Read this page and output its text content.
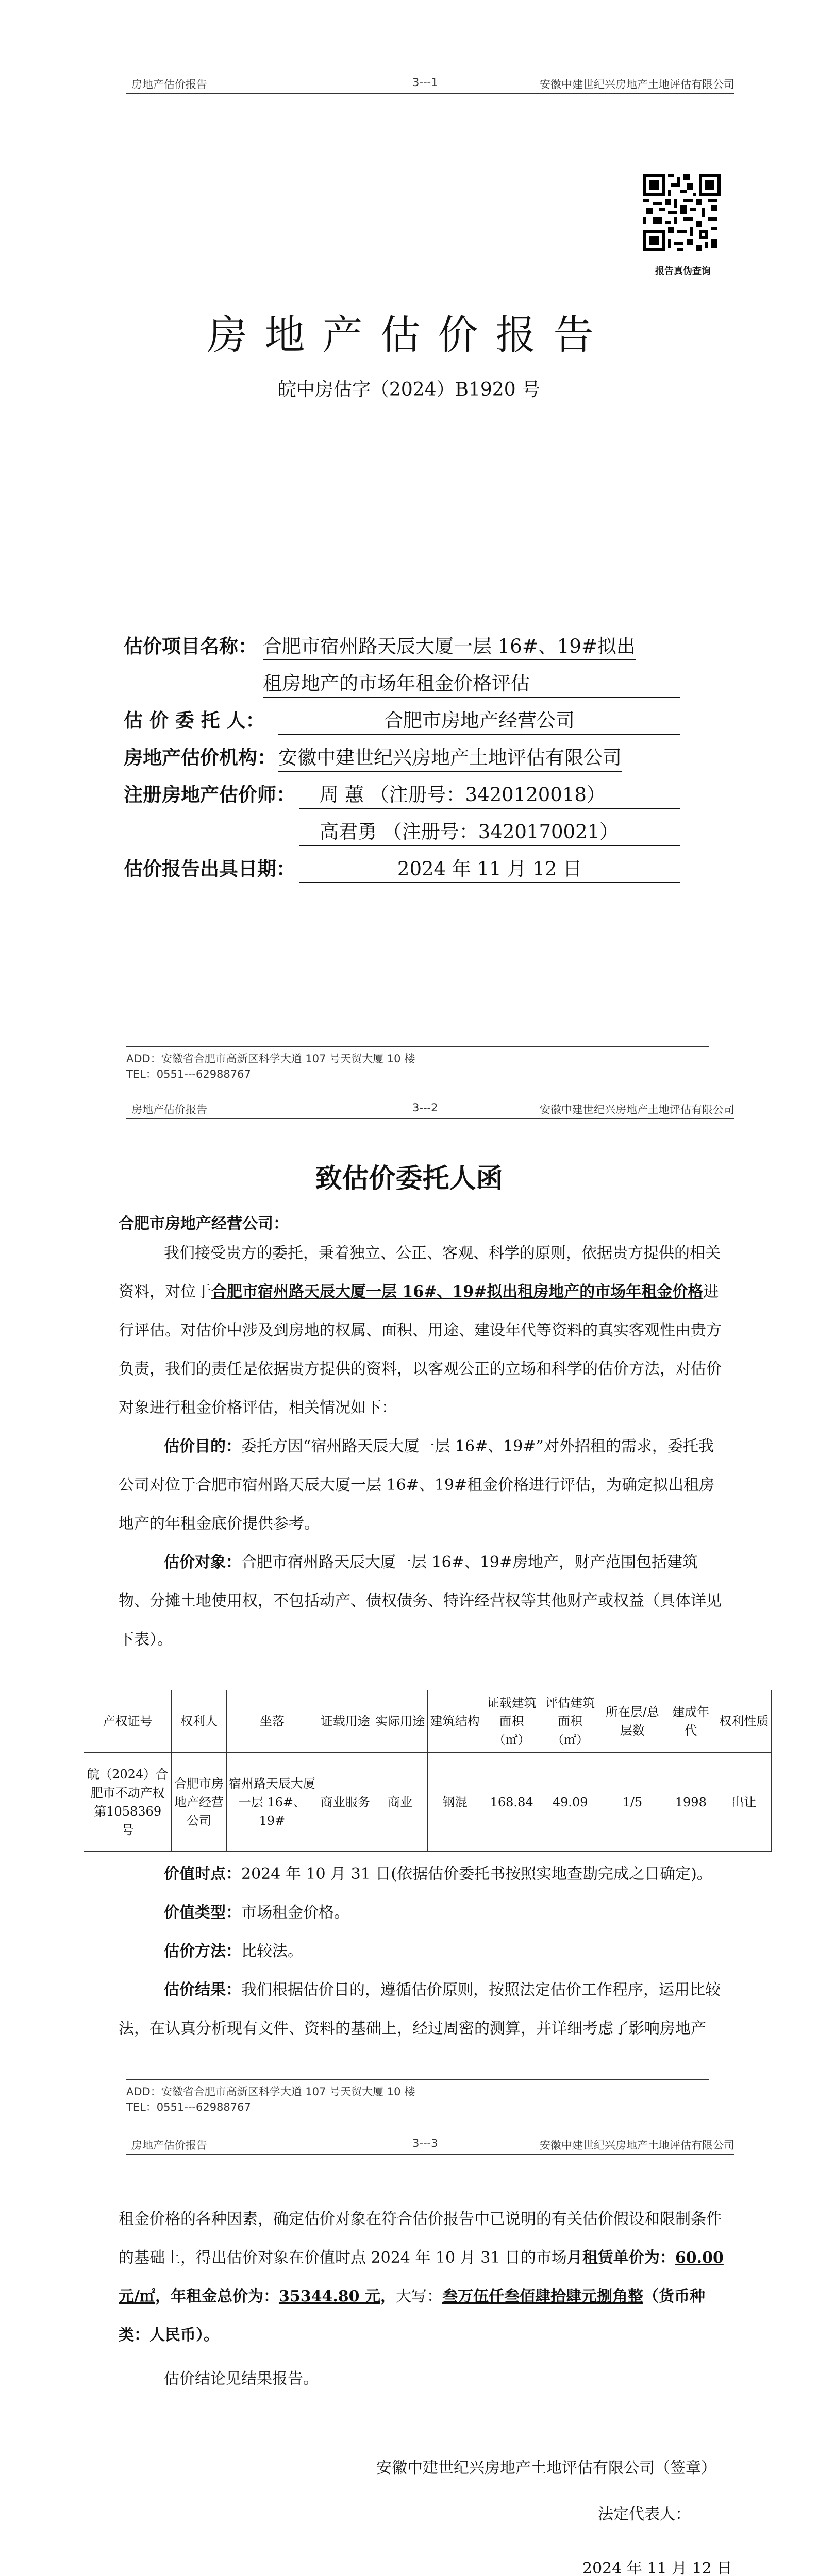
房地产估价报告	3---1	安徽中建世纪兴房地产土地评估有限公司
报告真伪查询
房地产估价报告
皖中房估字（2024）B1920 号
估价项目名称： 合肥市宿州路天辰大厦一层 16#、19#拟出
租房地产的市场年租金价格评估
估 价 委 托 人：	合肥市房地产经营公司
房地产估价机构： 安徽中建世纪兴房地产土地评估有限公司
注册房地产估价师：	周 蕙 （注册号：3420120018）
高君勇 （注册号：3420170021）
估价报告出具日期：	2024 年 11 月 12 日
ADD：安徽省合肥市高新区科学大道 107 号天贸大厦 10 楼
TEL：0551---62988767
房地产估价报告	3---2	安徽中建世纪兴房地产土地评估有限公司
致估价委托人函
合肥市房地产经营公司：
我们接受贵方的委托，秉着独立、公正、客观、科学的原则，依据贵方提供的相关资料，对位于合肥市宿州路天辰大厦一层 16#、19#拟出租房地产的市场年租金价格进行评估。对估价中涉及到房地的权属、面积、用途、建设年代等资料的真实客观性由贵方负责，我们的责任是依据贵方提供的资料，以客观公正的立场和科学的估价方法，对估价对象进行租金价格评估，相关情况如下：
估价目的：委托方因“宿州路天辰大厦一层 16#、19#”对外招租的需求，委托我公司对位于合肥市宿州路天辰大厦一层 16#、19#租金价格进行评估，为确定拟出租房地产的年租金底价提供参考。
估价对象：合肥市宿州路天辰大厦一层 16#、19#房地产，财产范围包括建筑物、分摊土地使用权，不包括动产、债权债务、特许经营权等其他财产或权益（具体详见下表）。
产权证号	权利人	坐落	证载用途	实际用途	建筑结构	证载建筑面积（㎡）	评估建筑面积（㎡）	所在层/总层数	建成年代	权利性质
皖（2024）合肥市不动产权第1058369 号	合肥市房地产经营公司	宿州路天辰大厦一层 16#、19#	商业服务	商业	钢混	168.84	49.09	1/5	1998	出让
价值时点：2024 年 10 月 31 日(依据估价委托书按照实地查勘完成之日确定)。
价值类型：市场租金价格。
估价方法：比较法。
估价结果：我们根据估价目的，遵循估价原则，按照法定估价工作程序，运用比较法，在认真分析现有文件、资料的基础上，经过周密的测算，并详细考虑了影响房地产
ADD：安徽省合肥市高新区科学大道 107 号天贸大厦 10 楼
TEL：0551---62988767
房地产估价报告	3---3	安徽中建世纪兴房地产土地评估有限公司
租金价格的各种因素，确定估价对象在符合估价报告中已说明的有关估价假设和限制条件的基础上，得出估价对象在价值时点 2024 年 10 月 31 日的市场月租赁单价为：60.00 元/㎡，年租金总价为：35344.80 元，大写：叁万伍仟叁佰肆拾肆元捌角整（货币种类：人民币）。
估价结论见结果报告。
安徽中建世纪兴房地产土地评估有限公司（签章）
法定代表人：
2024 年 11 月 12 日
